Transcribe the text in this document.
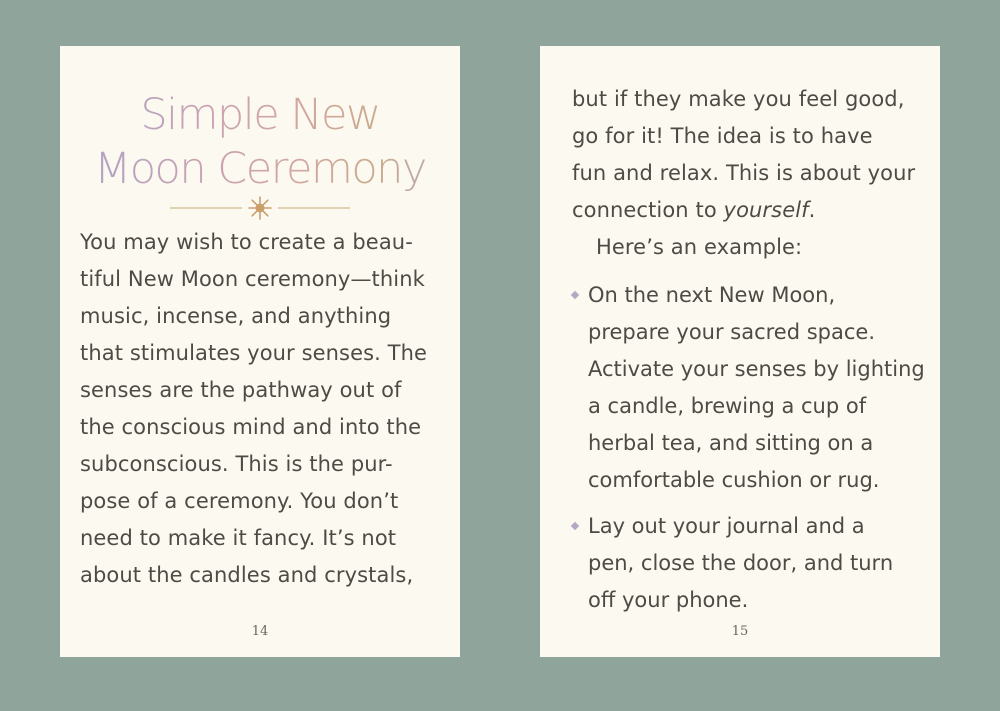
Simple New
Moon Ceremony
You may wish to create a beau-
tiful New Moon ceremony—think
music, incense, and anything
that stimulates your senses. The
senses are the pathway out of
the conscious mind and into the
subconscious. This is the pur-
pose of a ceremony. You don’t
need to make it fancy. It’s not
about the candles and crystals,
14
but if they make you feel good,
go for it! The idea is to have
fun and relax. This is about your
connection to yourself.
Here’s an example:
On the next New Moon,
prepare your sacred space.
Activate your senses by lighting
a candle, brewing a cup of
herbal tea, and sitting on a
comfortable cushion or rug.
Lay out your journal and a
pen, close the door, and turn
off your phone.
15
